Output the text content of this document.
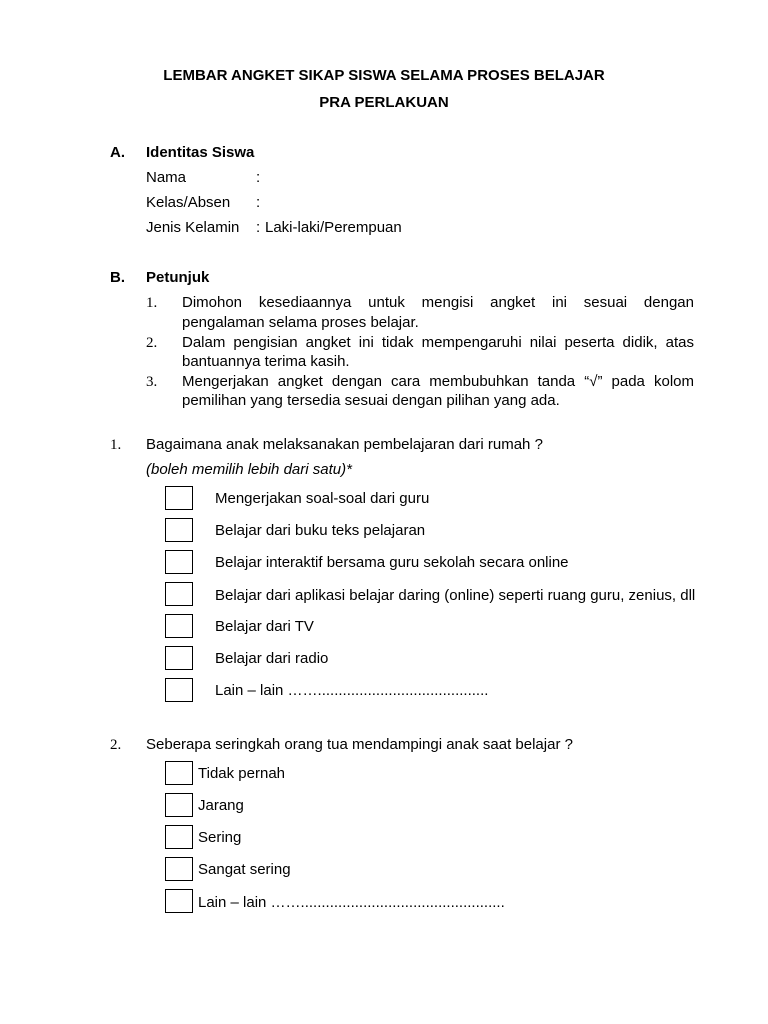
LEMBAR ANGKET SIKAP SISWA SELAMA PROSES BELAJAR
PRA PERLAKUAN
A. Identitas Siswa
Nama	:
Kelas/Absen :
Jenis Kelamin : Laki-laki/Perempuan
B. Petunjuk
1. Dimohon kesediaannya untuk mengisi angket ini sesuai dengan
pengalaman selama proses belajar.
2. Dalam pengisian angket ini tidak mempengaruhi nilai peserta didik, atas
bantuannya terima kasih.
3. Mengerjakan angket dengan cara membubuhkan tanda “√” pada kolom
pemilihan yang tersedia sesuai dengan pilihan yang ada.
1. Bagaimana anak melaksanakan pembelajaran dari rumah ?
(boleh memilih lebih dari satu)*
Mengerjakan soal-soal dari guru
Belajar dari buku teks pelajaran
Belajar interaktif bersama guru sekolah secara online
Belajar dari aplikasi belajar daring (online) seperti ruang guru, zenius, dll
Belajar dari TV
Belajar dari radio
Lain – lain …….........................................
2. Seberapa seringkah orang tua mendampingi anak saat belajar ?
Tidak pernah
Jarang
Sering
Sangat sering
Lain – lain …….................................................
